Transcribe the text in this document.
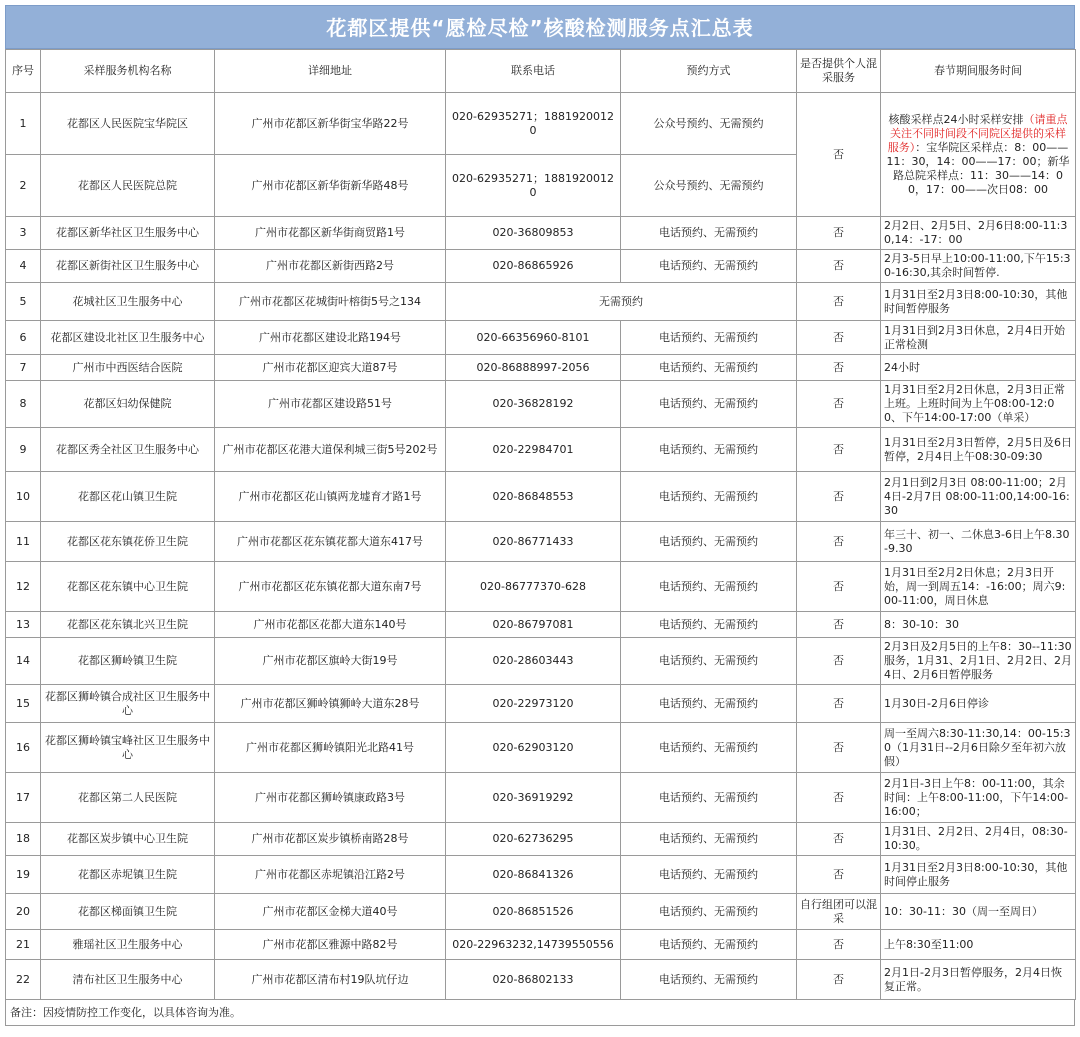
花都区提供“愿检尽检”核酸检测服务点汇总表
序号	采样服务机构名称	详细地址	联系电话	预约方式	是否提供个人混采服务	春节期间服务时间
1	花都区人民医院宝华院区	广州市花都区新华街宝华路22号	020-62935271；18819200120	公众号预约、无需预约	否	核酸采样点24小时采样安排（请重点关注不同时间段不同院区提供的采样服务）：宝华院区采样点：8：00——11：30，14：00——17：00；新华路总院采样点：11：30——14：00，17：00——次日08：00
2	花都区人民医院总院	广州市花都区新华街新华路48号	020-62935271；18819200120	公众号预约、无需预约		
3	花都区新华社区卫生服务中心	广州市花都区新华街商贸路1号	020-36809853	电话预约、无需预约	否	2月2日、2月5日、2月6日8:00-11:30,14：-17：00
4	花都区新街社区卫生服务中心	广州市花都区新街西路2号	020-86865926	电话预约、无需预约	否	2月3-5日早上10:00-11:00,下午15:30-16:30,其余时间暂停.
5	花城社区卫生服务中心	广州市花都区花城街叶榕街5号之134	无需预约		否	1月31日至2月3日8:00-10:30，其他时间暂停服务
6	花都区建设北社区卫生服务中心	广州市花都区建设北路194号	020-66356960-8101	电话预约、无需预约	否	1月31日到2月3日休息，2月4日开始正常检测
7	广州市中西医结合医院	广州市花都区迎宾大道87号	020-86888997-2056	电话预约、无需预约	否	24小时
8	花都区妇幼保健院	广州市花都区建设路51号	020-36828192	电话预约、无需预约	否	1月31日至2月2日休息，2月3日正常上班。上班时间为上午08:00-12:00、下午14:00-17:00（单采）
9	花都区秀全社区卫生服务中心	广州市花都区花港大道保利城三街5号202号	020-22984701	电话预约、无需预约	否	1月31日至2月3日暂停，2月5日及6日暂停，2月4日上午08:30-09:30
10	花都区花山镇卫生院	广州市花都区花山镇两龙墟育才路1号	020-86848553	电话预约、无需预约	否	2月1日到2月3日 08:00-11:00；2月4日-2月7日 08:00-11:00,14:00-16:30
11	花都区花东镇花侨卫生院	广州市花都区花东镇花都大道东417号	020-86771433	电话预约、无需预约	否	年三十、初一、二休息3-6日上午8.30-9.30
12	花都区花东镇中心卫生院	广州市花都区花东镇花都大道东南7号	020-86777370-628	电话预约、无需预约	否	1月31日至2月2日休息；2月3日开始，周一到周五14：-16:00；周六9:00-11:00，周日休息
13	花都区花东镇北兴卫生院	广州市花都区花都大道东140号	020-86797081	电话预约、无需预约	否	8：30-10：30
14	花都区狮岭镇卫生院	广州市花都区旗岭大街19号	020-28603443	电话预约、无需预约	否	2月3日及2月5日的上午8：30--11:30服务，1月31、2月1日、2月2日、2月4日、2月6日暂停服务
15	花都区狮岭镇合成社区卫生服务中心	广州市花都区狮岭镇狮岭大道东28号	020-22973120	电话预约、无需预约	否	1月30日-2月6日停诊
16	花都区狮岭镇宝峰社区卫生服务中心	广州市花都区狮岭镇阳光北路41号	020-62903120	电话预约、无需预约	否	周一至周六8:30-11:30,14：00-15:30（1月31日--2月6日除夕至年初六放假）
17	花都区第二人民医院	广州市花都区狮岭镇康政路3号	020-36919292	电话预约、无需预约	否	2月1日-3日上午8：00-11:00，其余时间：上午8:00-11:00，下午14:00-16:00；
18	花都区炭步镇中心卫生院	广州市花都区炭步镇桥南路28号	020-62736295	电话预约、无需预约	否	1月31日、2月2日、2月4日，08:30-10:30。
19	花都区赤坭镇卫生院	广州市花都区赤坭镇沿江路2号	020-86841326	电话预约、无需预约	否	1月31日至2月3日8:00-10:30，其他时间停止服务
20	花都区梯面镇卫生院	广州市花都区金梯大道40号	020-86851526	电话预约、无需预约	自行组团可以混采	10：30-11：30（周一至周日）
21	雅瑶社区卫生服务中心	广州市花都区雅源中路82号	020-22963232,14739550556	电话预约、无需预约	否	上午8:30至11:00
22	清布社区卫生服务中心	广州市花都区清布村19队坑仔边	020-86802133	电话预约、无需预约	否	2月1日-2月3日暂停服务，2月4日恢复正常。
备注：因疫情防控工作变化，以具体咨询为准。
